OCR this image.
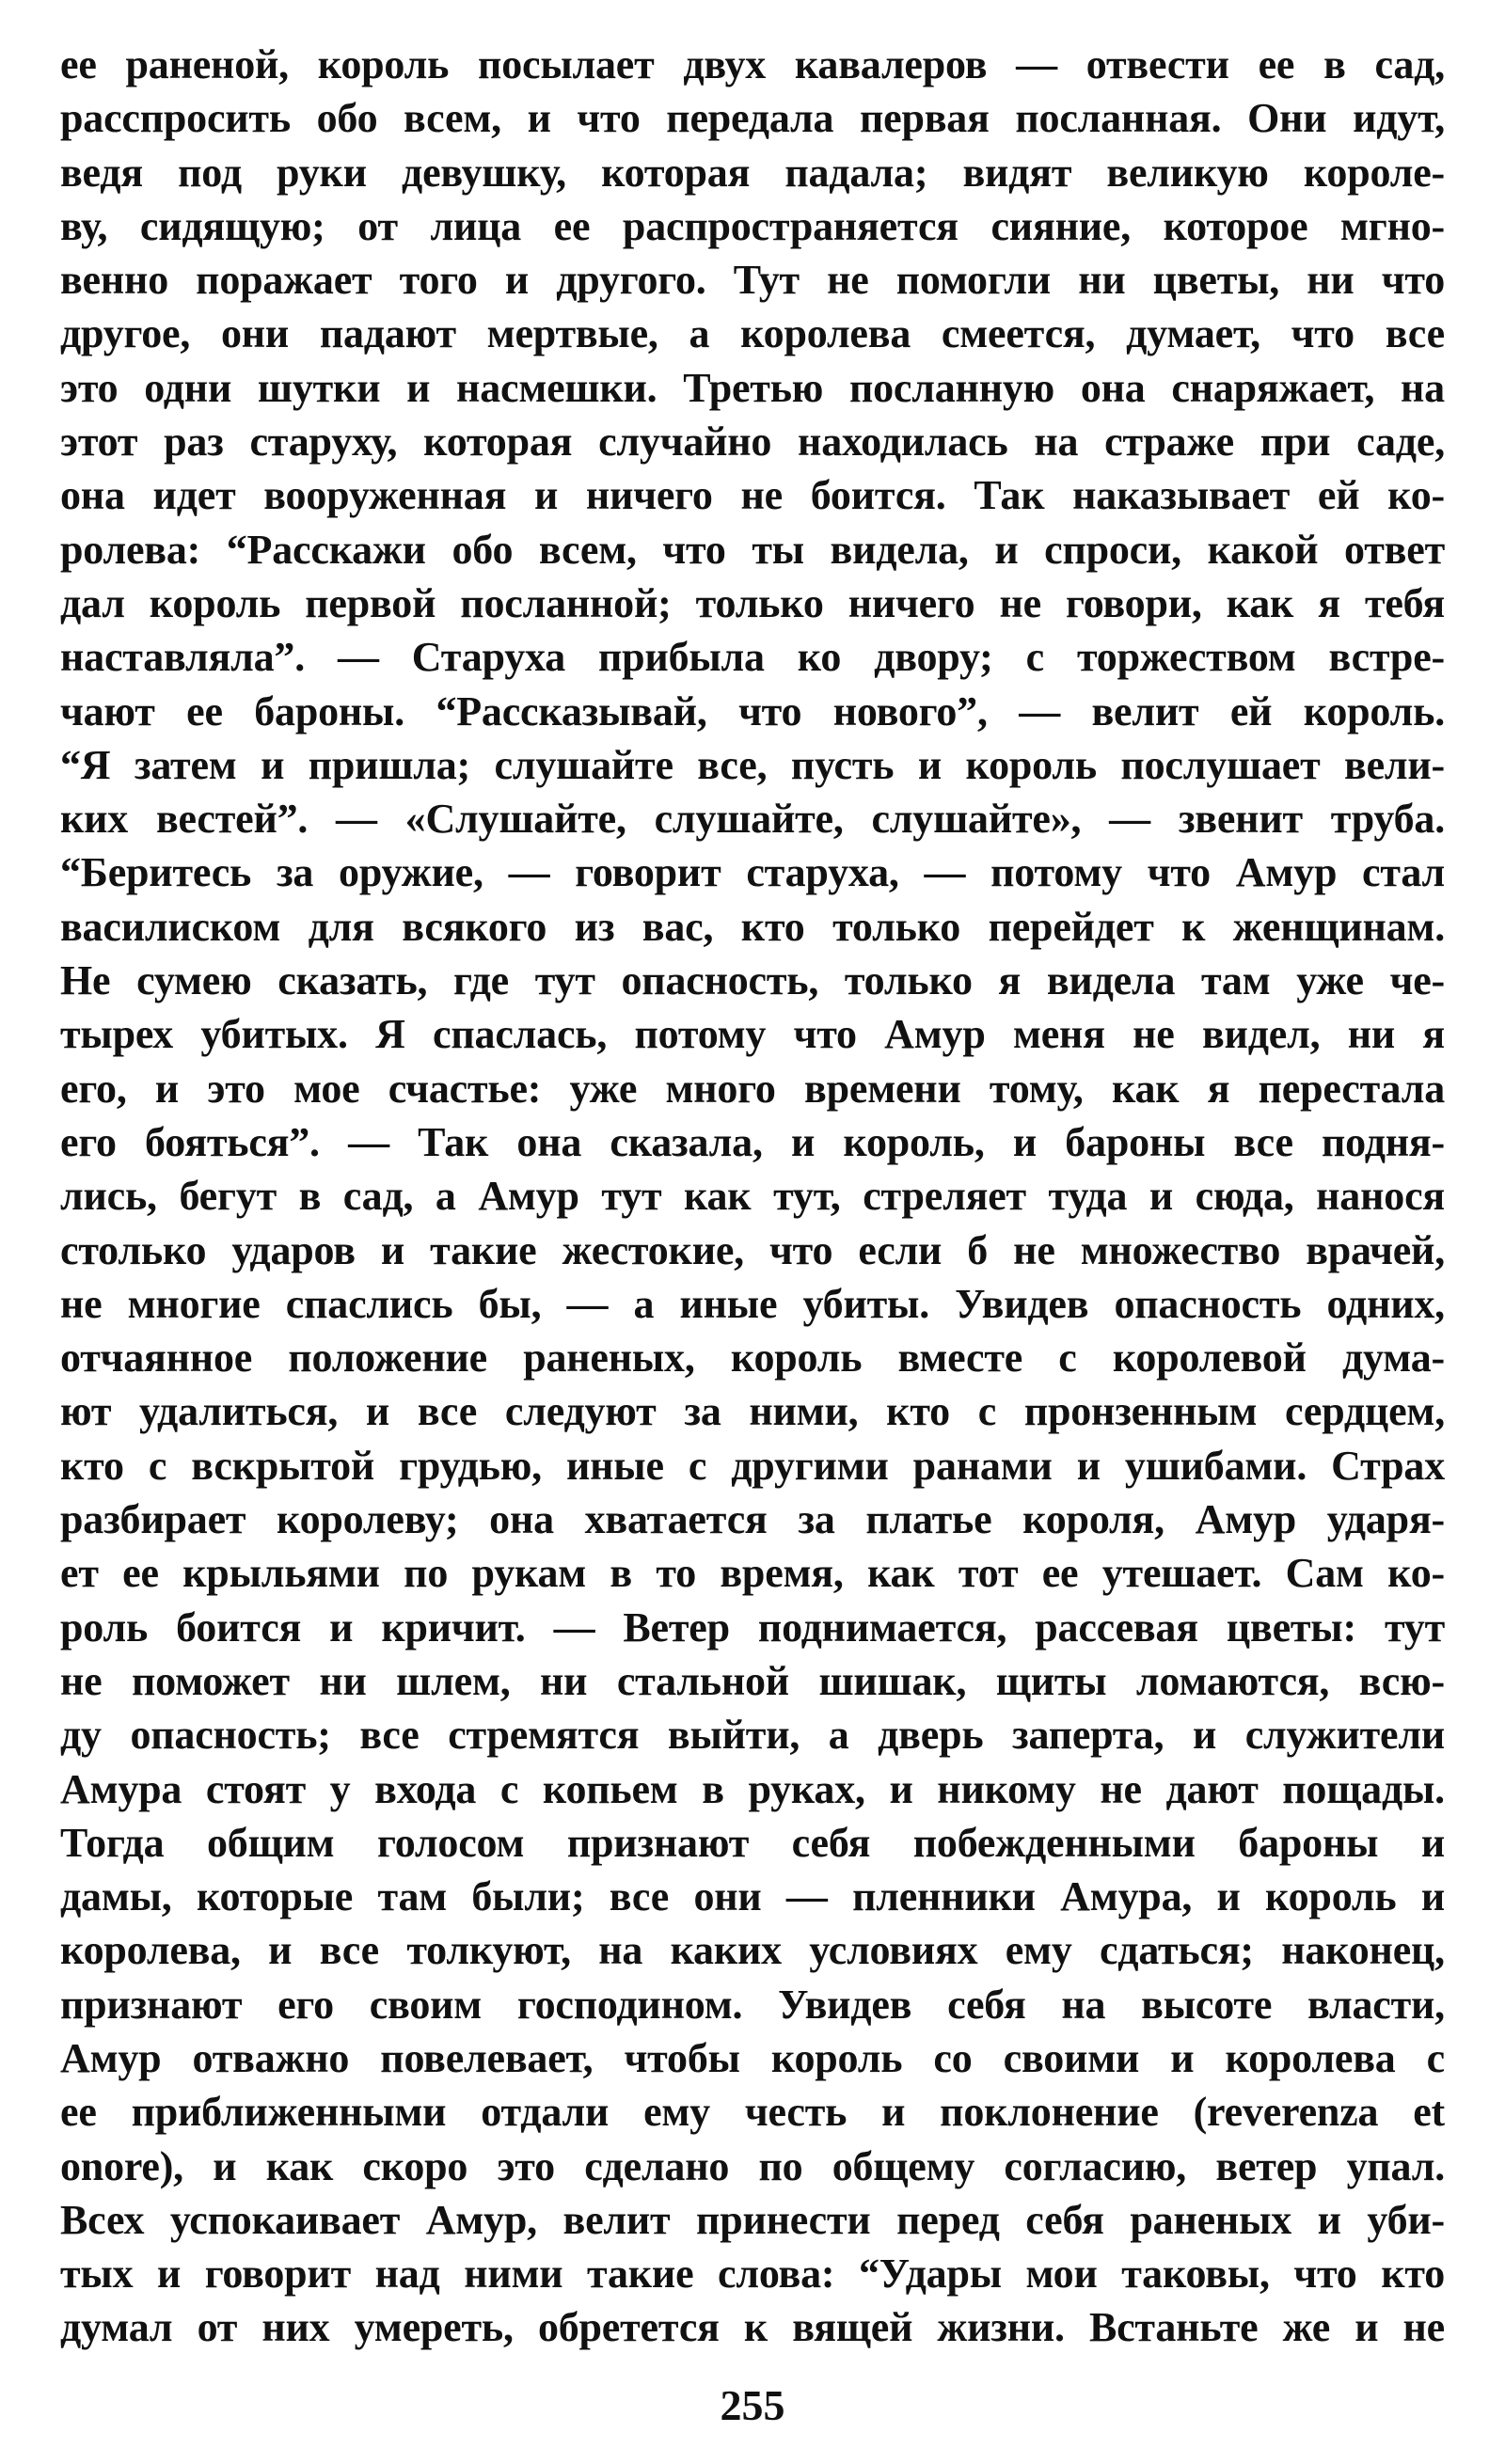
ее раненой, король посылает двух кавалеров — отвести ее в сад,
расспросить обо всем, и что передала первая посланная. Они идут,
ведя под руки девушку, которая падала; видят великую короле-
ву, сидящую; от лица ее распространяется сияние, которое мгно-
венно поражает того и другого. Тут не помогли ни цветы, ни что
другое, они падают мертвые, а королева смеется, думает, что все
это одни шутки и насмешки. Третью посланную она снаряжает, на
этот раз старуху, которая случайно находилась на страже при саде,
она идет вооруженная и ничего не боится. Так наказывает ей ко-
ролева: “Расскажи обо всем, что ты видела, и спроси, какой ответ
дал король первой посланной; только ничего не говори, как я тебя
наставляла”. — Старуха прибыла ко двору; с торжеством встре-
чают ее бароны. “Рассказывай, что нового”, — велит ей король.
“Я затем и пришла; слушайте все, пусть и король послушает вели-
ких вестей”. — «Слушайте, слушайте, слушайте», — звенит труба.
“Беритесь за оружие, — говорит старуха, — потому что Амур стал
василиском для всякого из вас, кто только перейдет к женщинам.
Не сумею сказать, где тут опасность, только я видела там уже че-
тырех убитых. Я спаслась, потому что Амур меня не видел, ни я
его, и это мое счастье: уже много времени тому, как я перестала
его бояться”. — Так она сказала, и король, и бароны все подня-
лись, бегут в сад, а Амур тут как тут, стреляет туда и сюда, нанося
столько ударов и такие жестокие, что если б не множество врачей,
не многие спаслись бы, — а иные убиты. Увидев опасность одних,
отчаянное положение раненых, король вместе с королевой дума-
ют удалиться, и все следуют за ними, кто с пронзенным сердцем,
кто с вскрытой грудью, иные с другими ранами и ушибами. Страх
разбирает королеву; она хватается за платье короля, Амур ударя-
ет ее крыльями по рукам в то время, как тот ее утешает. Сам ко-
роль боится и кричит. — Ветер поднимается, рассевая цветы: тут
не поможет ни шлем, ни стальной шишак, щиты ломаются, всю-
ду опасность; все стремятся выйти, а дверь заперта, и служители
Амура стоят у входа с копьем в руках, и никому не дают пощады.
Тогда общим голосом признают себя побежденными бароны и
дамы, которые там были; все они — пленники Амура, и король и
королева, и все толкуют, на каких условиях ему сдаться; наконец,
признают его своим господином. Увидев себя на высоте власти,
Амур отважно повелевает, чтобы король со своими и королева с
ее приближенными отдали ему честь и поклонение (reverenza et
onore), и как скоро это сделано по общему согласию, ветер упал.
Всех успокаивает Амур, велит принести перед себя раненых и уби-
тых и говорит над ними такие слова: “Удары мои таковы, что кто
думал от них умереть, обретется к вящей жизни. Встаньте же и не
255
